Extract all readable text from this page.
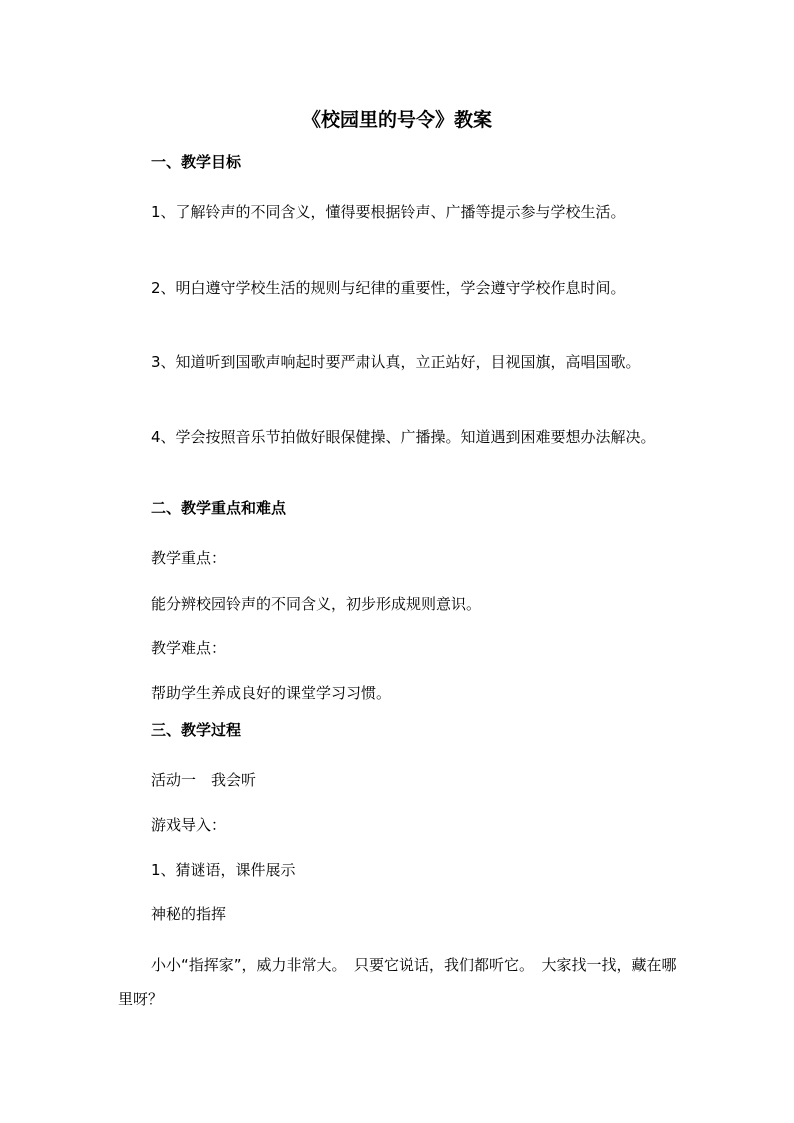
《校园里的号令》教案
一、教学目标
1、了解铃声的不同含义，懂得要根据铃声、广播等提示参与学校生活。
2、明白遵守学校生活的规则与纪律的重要性，学会遵守学校作息时间。
3、知道听到国歌声响起时要严肃认真，立正站好，目视国旗，高唱国歌。
4、学会按照音乐节拍做好眼保健操、广播操。知道遇到困难要想办法解决。
二、教学重点和难点
教学重点：
能分辨校园铃声的不同含义，初步形成规则意识。
教学难点：
帮助学生养成良好的课堂学习习惯。
三、教学过程
活动一　我会听
游戏导入：
1、猜谜语，课件展示
神秘的指挥
小小“指挥家”，威力非常大。　只要它说话，我们都听它。　大家找一找，藏在哪里呀？
